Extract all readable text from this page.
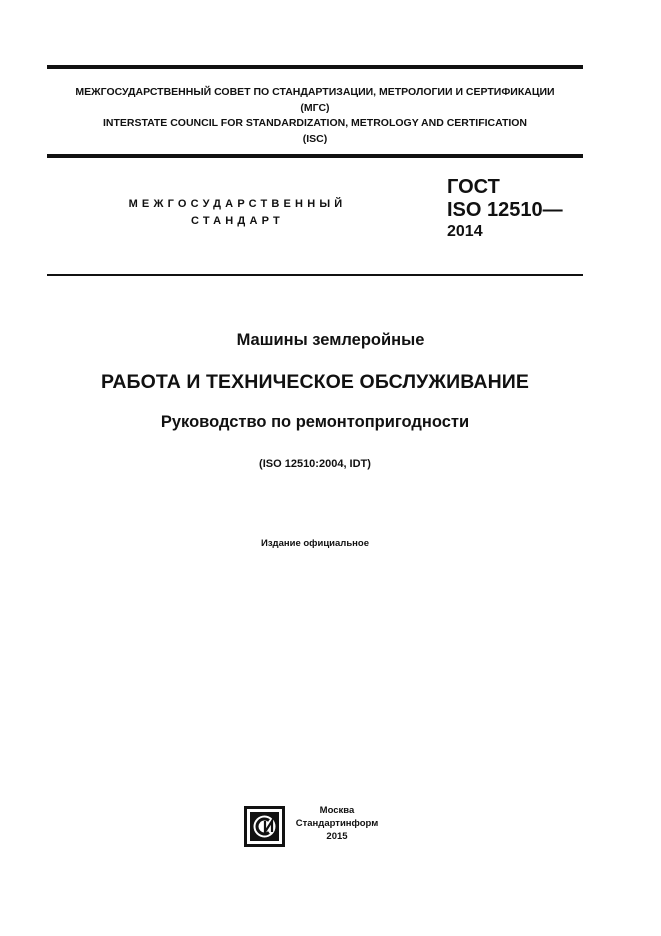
МЕЖГОСУДАРСТВЕННЫЙ СОВЕТ ПО СТАНДАРТИЗАЦИИ, МЕТРОЛОГИИ И СЕРТИФИКАЦИИ
(МГС)
INTERSTATE COUNCIL FOR STANDARDIZATION, METROLOGY AND CERTIFICATION
(ISC)
МЕЖГОСУДАРСТВЕННЫЙ
СТАНДАРТ
ГОСТ
ISO 12510—
2014
Машины землеройные
РАБОТА И ТЕХНИЧЕСКОЕ ОБСЛУЖИВАНИЕ
Руководство по ремонтопригодности
(ISO 12510:2004, IDT)
Издание официальное
Москва
Стандартинформ
2015
